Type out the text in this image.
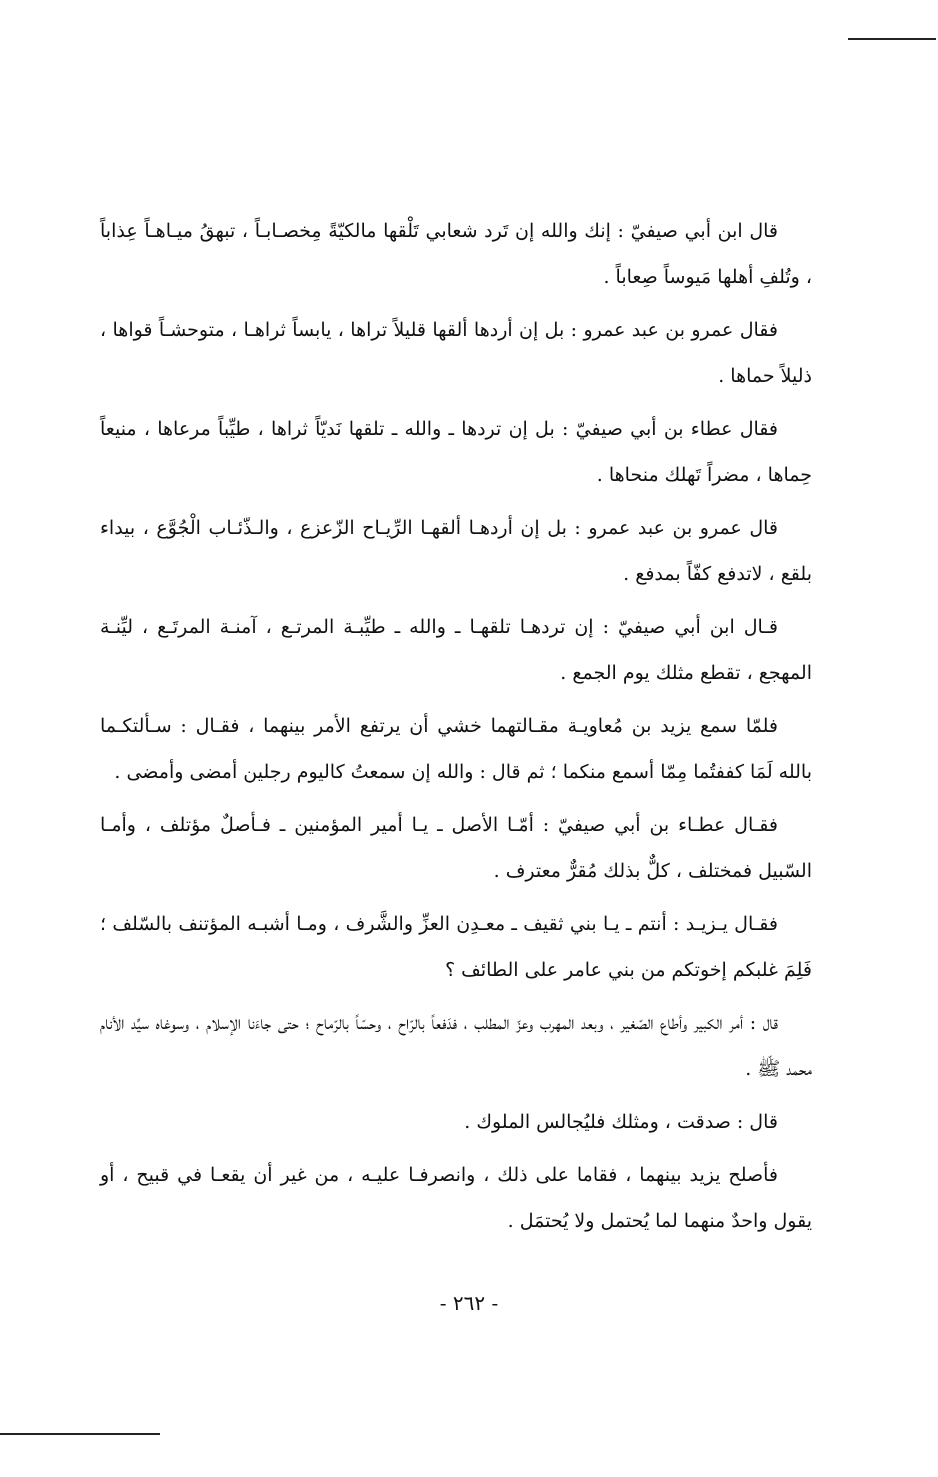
قال ابن أبي صيفيّ : إنك والله إن تَرد شعابي تَلْقها مالكيّةً مِخصـابـاً ، تبهقُ ميـاهـاً عِذاباً ، وتُلفِ أهلها مَيوساً صِعاباً .

فقال عمرو بن عبد عمرو : بل إن أردها ألقها قليلاً تراها ، يابساً ثراهـا ، متوحشـاً قواها ، ذليلاً حماها .

فقال عطاء بن أبي صيفيّ : بل إن تردها ـ والله ـ تلقها نَديّاً ثراها ، طيِّباً مرعاها ، منيعاً حِماها ، مضراً تَهلك منحاها .

قال عمرو بن عبد عمرو : بل إن أردهـا ألقهـا الرِّيـاح الزّعزع ، والـذّئـاب الْجُوَّع ، بيداء بلقع ، لاتدفع كفّاً بمدفع .

قـال ابن أبي صيفيّ : إن تردهـا تلقهـا ـ والله ـ طيِّبـة المرتـع ، آمنـة المرتَـع ، ليِّنـة المهجع ، تقطع مثلك يوم الجمع .

فلمّا سمع يزيد بن مُعاويـة مقـالتهما خشي أن يرتفع الأمر بينهما ، فقـال : سـألتكـما بالله لَمَا كففتُما مِمّا أسمع منكما ؛ ثم قال : والله إن سمعتُ كاليوم رجلين أمضى وأمضى .

فقـال عطـاء بن أبي صيفيّ : أمّـا الأصل ـ يـا أمير المؤمنين ـ فـأصلٌ مؤتلف ، وأمـا السّبيل فمختلف ، كلٌّ بذلك مُقرٌّ معترف .

فقـال يـزيـد : أنتم ـ يـا بني ثقيف ـ معـدِن العزِّ والشَّرف ، ومـا أشبـه المؤتنف بالسّلف ؛ فَلِمَ غلبكم إخوتكم من بني عامر على الطائف ؟

قال : أمر الكبير وأطاع الصّغير ، وبعد المهرب وعزّ المطلب ، فدَفعاً بالرّاح ، وحسّاً بالرّماح ؛ حتى جاءَنا الإسلام ، وسوغاه سيِّد الأنام محمد ﷺ .

قال : صدقت ، ومثلك فليُجالس الملوك .

فأصلح يزيد بينهما ، فقاما على ذلك ، وانصرفـا عليـه ، من غير أن يقعـا في قبيح ، أو يقول واحدٌ منهما لما يُحتمل ولا يُحتمَل .

- ٢٦٢ -
